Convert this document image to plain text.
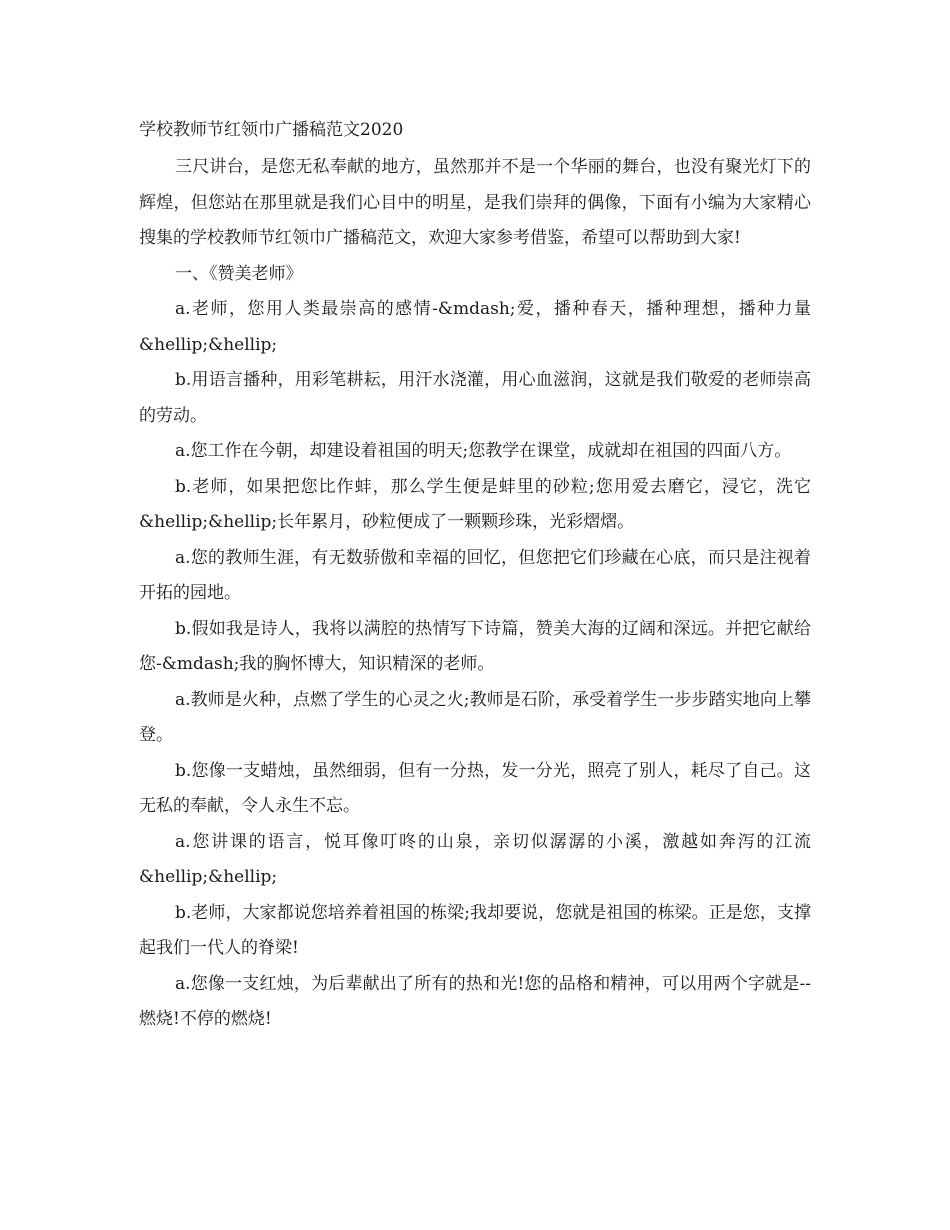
学校教师节红领巾广播稿范文2020

三尺讲台，是您无私奉献的地方，虽然那并不是一个华丽的舞台，也没有聚光灯下的辉煌，但您站在那里就是我们心目中的明星，是我们崇拜的偶像，下面有小编为大家精心搜集的学校教师节红领巾广播稿范文，欢迎大家参考借鉴，希望可以帮助到大家!

一、《赞美老师》

a.老师，您用人类最崇高的感情-&mdash;爱，播种春天，播种理想，播种力量&hellip;&hellip;

b.用语言播种，用彩笔耕耘，用汗水浇灌，用心血滋润，这就是我们敬爱的老师崇高的劳动。

a.您工作在今朝，却建设着祖国的明天;您教学在课堂，成就却在祖国的四面八方。

b.老师，如果把您比作蚌，那么学生便是蚌里的砂粒;您用爱去磨它，浸它，洗它&hellip;&hellip;长年累月，砂粒便成了一颗颗珍珠，光彩熠熠。

a.您的教师生涯，有无数骄傲和幸福的回忆，但您把它们珍藏在心底，而只是注视着开拓的园地。

b.假如我是诗人，我将以满腔的热情写下诗篇，赞美大海的辽阔和深远。并把它献给您-&mdash;我的胸怀博大，知识精深的老师。

a.教师是火种，点燃了学生的心灵之火;教师是石阶，承受着学生一步步踏实地向上攀登。

b.您像一支蜡烛，虽然细弱，但有一分热，发一分光，照亮了别人，耗尽了自己。这无私的奉献，令人永生不忘。

a.您讲课的语言，悦耳像叮咚的山泉，亲切似潺潺的小溪，激越如奔泻的江流&hellip;&hellip;

b.老师，大家都说您培养着祖国的栋梁;我却要说，您就是祖国的栋梁。正是您，支撑起我们一代人的脊梁!

a.您像一支红烛，为后辈献出了所有的热和光!您的品格和精神，可以用两个字就是--燃烧!不停的燃烧!
